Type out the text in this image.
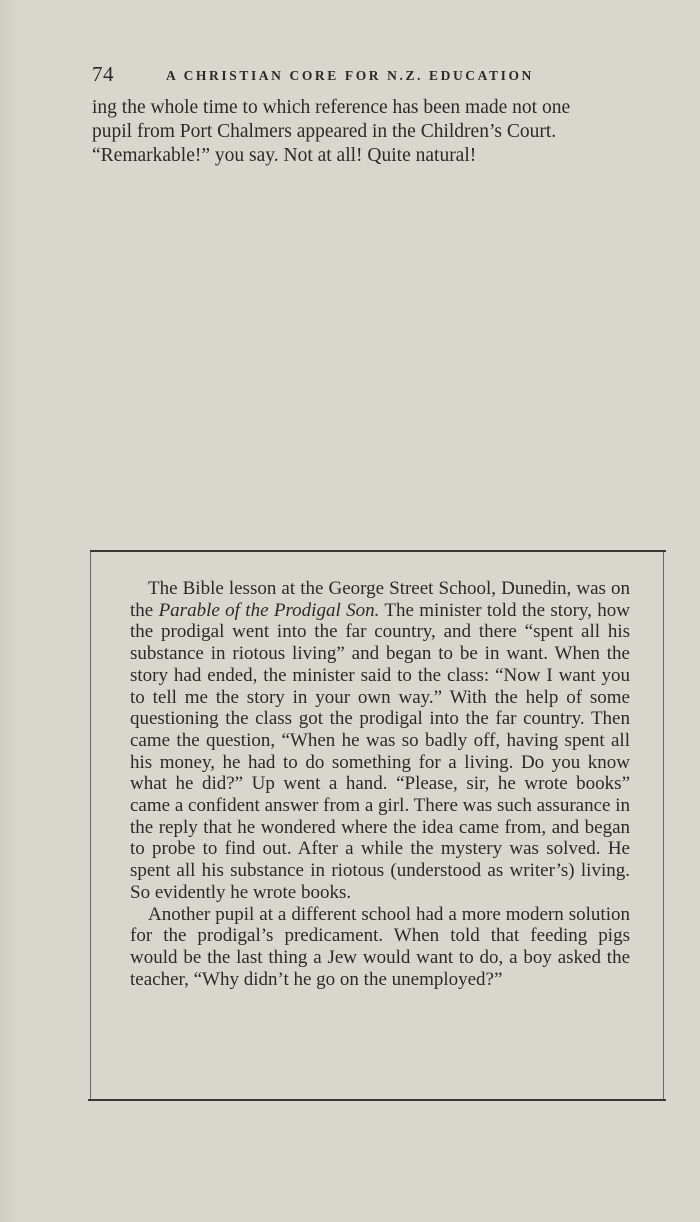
74	A CHRISTIAN CORE FOR N.Z. EDUCATION

ing the whole time to which reference has been made not one
pupil from Port Chalmers appeared in the Children’s Court.
“Remarkable!” you say. Not at all! Quite natural!

The Bible lesson at the George Street School, Dunedin, was on the Parable of the Prodigal Son. The minister told the story, how the prodigal went into the far country, and there “spent all his substance in riotous living” and began to be in want. When the story had ended, the minister said to the class: “Now I want you to tell me the story in your own way.” With the help of some questioning the class got the prodigal into the far country. Then came the question, “When he was so badly off, having spent all his money, he had to do something for a living. Do you know what he did?” Up went a hand. “Please, sir, he wrote books” came a confident answer from a girl. There was such assurance in the reply that he wondered where the idea came from, and began to probe to find out. After a while the mystery was solved. He spent all his substance in riotous (understood as writer’s) living. So evidently he wrote books.

Another pupil at a different school had a more modern solution for the prodigal’s predicament. When told that feeding pigs would be the last thing a Jew would want to do, a boy asked the teacher, “Why didn’t he go on the unemployed?”
